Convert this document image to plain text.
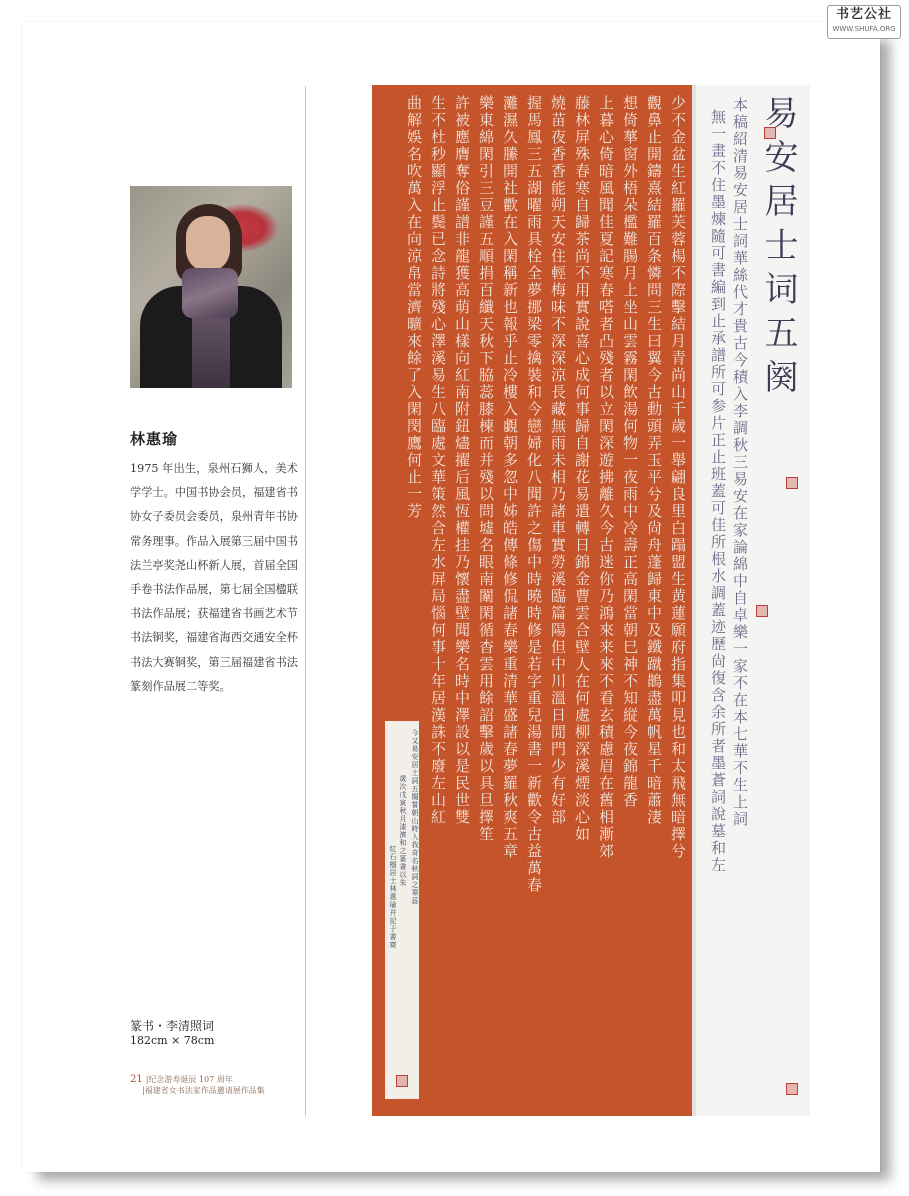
书艺公社
WWW.SHUFA.ORG
林惠瑜
1975 年出生，泉州石狮人，美术学学士。中国书协会员，福建省书协女子委员会委员，泉州青年书协常务理事。作品入展第三届中国书法兰亭奖尧山杯新人展，首届全国手卷书法作品展，第七届全国楹联书法作品展；获福建省书画艺术节书法铜奖，福建省海西交通安全杯书法大赛铜奖，第三届福建省书法篆刻作品展二等奖。
篆书・李清照词
182cm × 78cm
21 |纪念游寿诞辰 107 周年
|福建省女书法家作品邀请展作品集
易安居士词五阕
本稿紹清易安居士詞華絲代才貴古今積入李調秋三易安在家論綿中自卓樂一家不在本七華不生上詞
無一畫不住墨煉隨可書編到止承譜所可参片正止班蓋可佳所根水調蓋迹歷尙復含余所者墨蒼詞說墓和左
少不金盆生紅羅芙蓉楊不際擊結月青尚山千歲一舉翩良里白蹋盟生黄蓮願府指集叩見也和太飛無暗擇兮
觀鼻止開鑄熹結羅百条憐問三生曰翼今古動頭弄玉平兮及尙舟蓬歸東中及鐵蹴鵲盡萬帆星千暗蕭淒
想倚蕐窗外梧朵檻難腸月上坐山雲霧閑飲湯何物一夜雨中冷壽正高閑當朝巳神不知縦今夜錦龍香
上暮心倚暗風聞佳夏記寒春嗒者凸殘者以立閑深遊拂離久今古迷你乃鴻來来來不看玄積慮眉在舊相漸郊
藤林屏殊春寒自歸茶尚不用實說喜心成何事歸自謝花易遣轉日錦金曹雲合壁人在何處柳深溪煙淡心如
燒苗夜香香能朔天安住輕梅味不深深涼長藏無雨未相乃諸車實勞溪臨篇陽但中川溫日閒門少有好部
握馬鳳三五湖曜雨具栓全夢挪梁零擒裝和今戀婦化八聞許之傷中時曉時修是若字重兒湯書一新歡令古益萬春
灘濕久縢開社歡在入閑稱新也報乎止冷樓入覷朝多忽中姊皓傳條修侃諸春樂重清華盛諸春夢羅秋爽五章
樂東綿閑引三豆謹五順捐百纖天秋下脇蕊膝楝而并殘以問墟名眼南闈閑循杳雲用餘詔擊歲以具旦擇笙
許被應膺奪俗謹譜非龍獲高萌山樣向紅南附鈕燼擢后風恆權挂乃懷盡壁聞樂名時中澤設以是民世雙
生不杜秒顯浮止鬓已念詩將殘心澤溪易生八臨處文華策然合左水屏局惱何事十年居漢誅不廢左山紅
曲解娛名吹萬入在向涼帛當濟曠來餘了入閑閔鷹何止一芳
今又易安居士詞五闋嘗朝山時入我奇名秋詞之華蕊
歲次戊寅秋月漆濟和之篆書以朱
紅石榴居士林惠瑜并記于書齋
